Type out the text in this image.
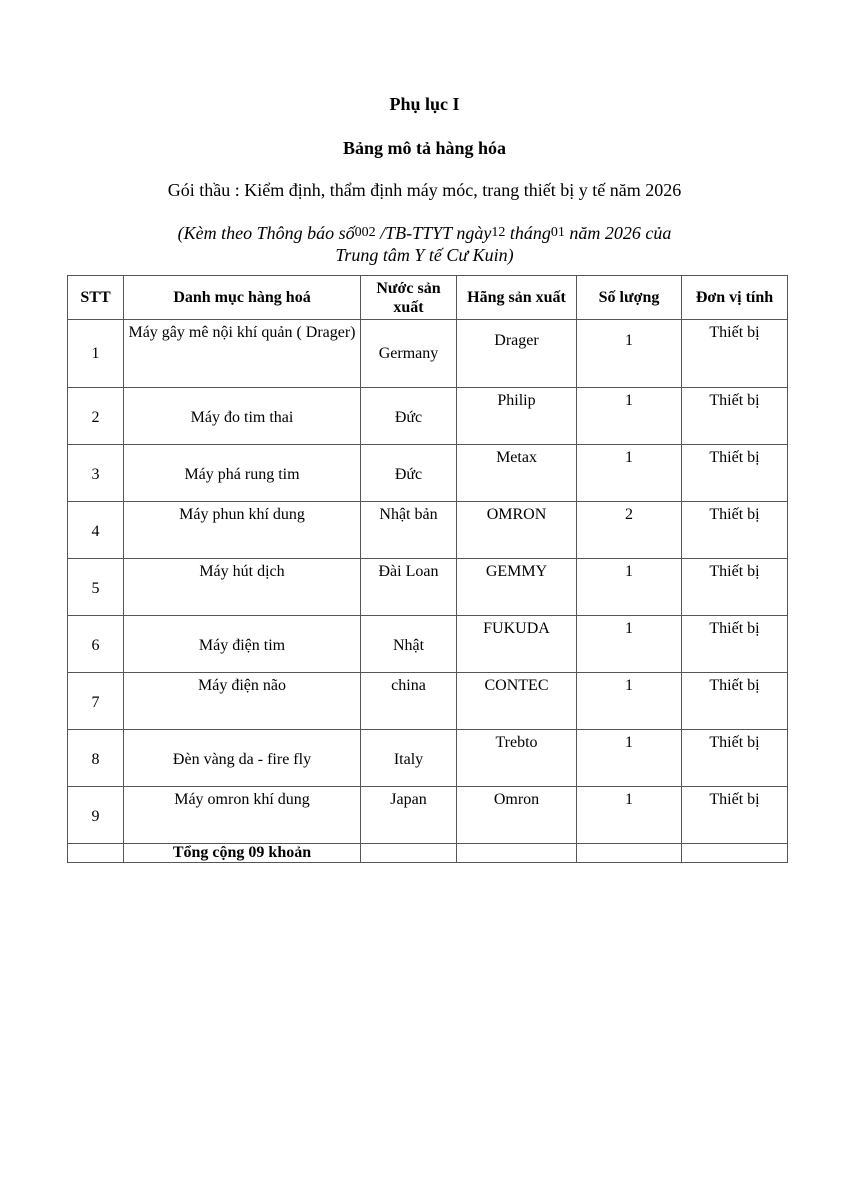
Phụ lục I
Bảng mô tả hàng hóa
Gói thầu : Kiểm định, thẩm định máy móc, trang thiết bị y tế năm 2026
(Kèm theo Thông báo số002 /TB-TTYT ngày12 tháng01 năm 2026 của
Trung tâm Y tế Cư Kuin)
STT	Danh mục hàng hoá	Nước sản xuất	Hãng sản xuất	Số lượng	Đơn vị tính
1	Máy gây mê nội khí quản ( Drager)	Germany	Drager	1	Thiết bị
2	Máy đo tim thai	Đức	Philip	1	Thiết bị
3	Máy phá rung tim	Đức	Metax	1	Thiết bị
4	Máy phun khí dung	Nhật bản	OMRON	2	Thiết bị
5	Máy hút dịch	Đài Loan	GEMMY	1	Thiết bị
6	Máy điện tim	Nhật	FUKUDA	1	Thiết bị
7	Máy điện não	china	CONTEC	1	Thiết bị
8	Đèn vàng da - fire fly	Italy	Trebto	1	Thiết bị
9	Máy omron khí dung	Japan	Omron	1	Thiết bị
	Tổng cộng 09 khoản				
